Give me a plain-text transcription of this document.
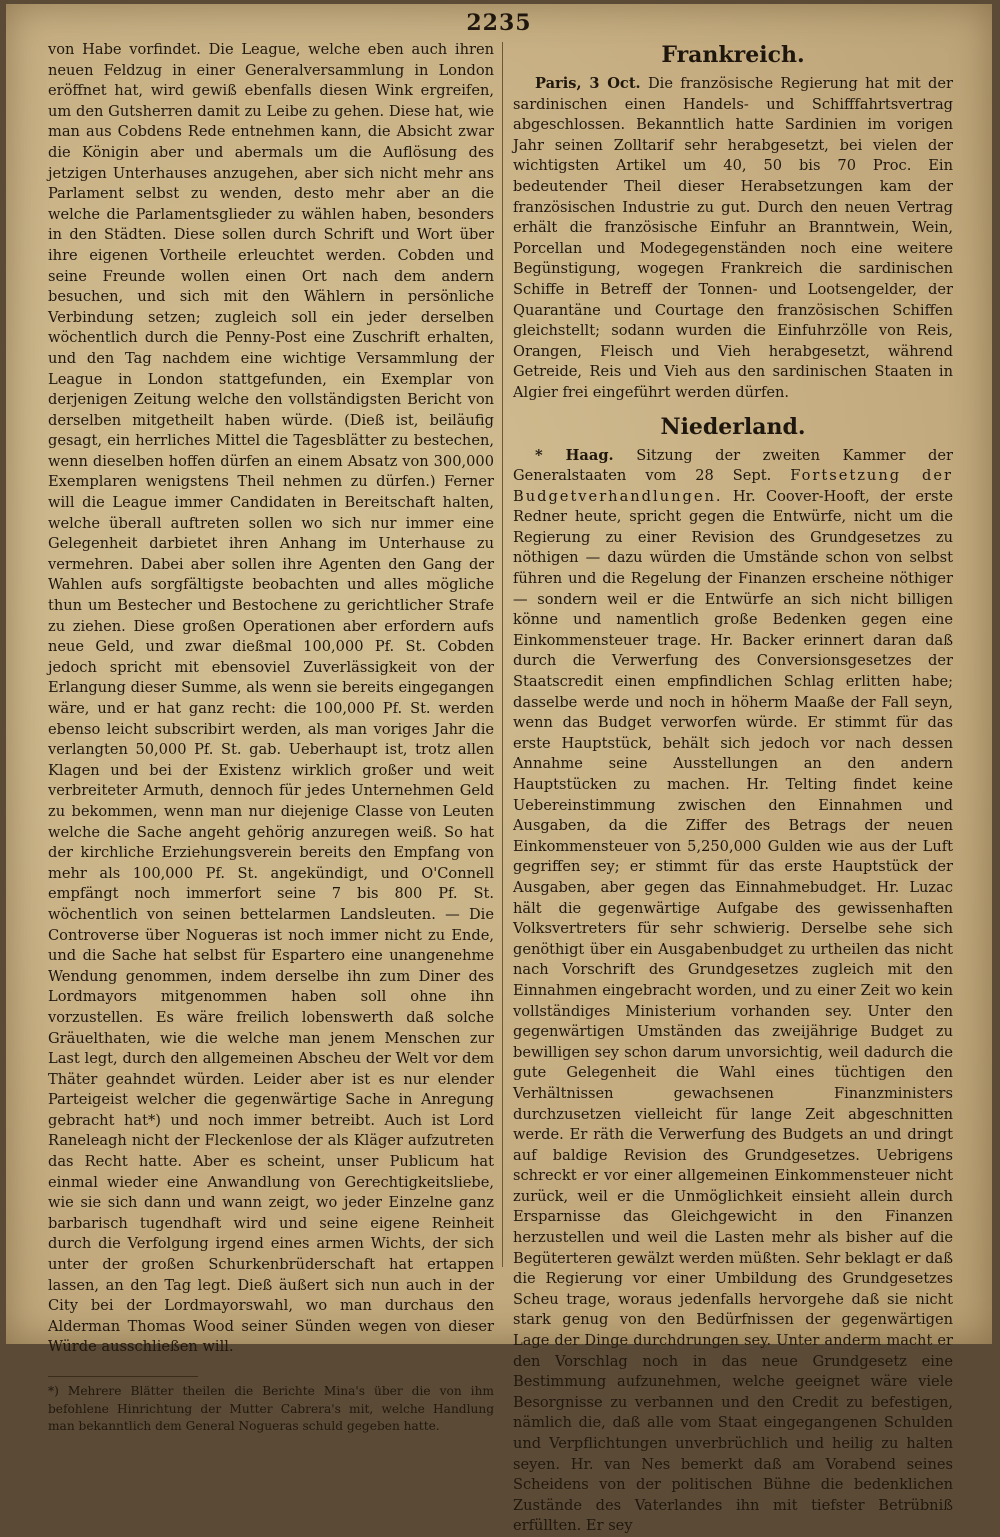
2235

von Habe vorfindet. Die League, welche eben auch ihren neuen Feldzug in einer Generalversammlung in London eröffnet hat, wird gewiß ebenfalls diesen Wink ergreifen, um den Gutsherren damit zu Leibe zu gehen. Diese hat, wie man aus Cobdens Rede entnehmen kann, die Absicht zwar die Königin aber und abermals um die Auflösung des jetzigen Unterhauses anzugehen, aber sich nicht mehr ans Parlament selbst zu wenden, desto mehr aber an die welche die Parlamentsglieder zu wählen haben, besonders in den Städten. Diese sollen durch Schrift und Wort über ihre eigenen Vortheile erleuchtet werden. Cobden und seine Freunde wollen einen Ort nach dem andern besuchen, und sich mit den Wählern in persönliche Verbindung setzen; zugleich soll ein jeder derselben wöchentlich durch die Penny-Post eine Zuschrift erhalten, und den Tag nachdem eine wichtige Versammlung der League in London stattgefunden, ein Exemplar von derjenigen Zeitung welche den vollständigsten Bericht von derselben mitgetheilt haben würde. (Dieß ist, beiläufig gesagt, ein herrliches Mittel die Tagesblätter zu bestechen, wenn dieselben hoffen dürfen an einem Absatz von 300,000 Exemplaren wenigstens Theil nehmen zu dürfen.) Ferner will die League immer Candidaten in Bereitschaft halten, welche überall auftreten sollen wo sich nur immer eine Gelegenheit darbietet ihren Anhang im Unterhause zu vermehren. Dabei aber sollen ihre Agenten den Gang der Wahlen aufs sorgfältigste beobachten und alles mögliche thun um Bestecher und Bestochene zu gerichtlicher Strafe zu ziehen. Diese großen Operationen aber erfordern aufs neue Geld, und zwar dießmal 100,000 Pf. St. Cobden jedoch spricht mit ebensoviel Zuverlässigkeit von der Erlangung dieser Summe, als wenn sie bereits eingegangen wäre, und er hat ganz recht: die 100,000 Pf. St. werden ebenso leicht subscribirt werden, als man voriges Jahr die verlangten 50,000 Pf. St. gab. Ueberhaupt ist, trotz allen Klagen und bei der Existenz wirklich großer und weit verbreiteter Armuth, dennoch für jedes Unternehmen Geld zu bekommen, wenn man nur diejenige Classe von Leuten welche die Sache angeht gehörig anzuregen weiß. So hat der kirchliche Erziehungsverein bereits den Empfang von mehr als 100,000 Pf. St. angekündigt, und O'Connell empfängt noch immerfort seine 7 bis 800 Pf. St. wöchentlich von seinen bettelarmen Landsleuten. — Die Controverse über Nogueras ist noch immer nicht zu Ende, und die Sache hat selbst für Espartero eine unangenehme Wendung genommen, indem derselbe ihn zum Diner des Lordmayors mitgenommen haben soll ohne ihn vorzustellen. Es wäre freilich lobenswerth daß solche Gräuelthaten, wie die welche man jenem Menschen zur Last legt, durch den allgemeinen Abscheu der Welt vor dem Thäter geahndet würden. Leider aber ist es nur elender Parteigeist welcher die gegenwärtige Sache in Anregung gebracht hat*) und noch immer betreibt. Auch ist Lord Raneleagh nicht der Fleckenlose der als Kläger aufzutreten das Recht hatte. Aber es scheint, unser Publicum hat einmal wieder eine Anwandlung von Gerechtigkeitsliebe, wie sie sich dann und wann zeigt, wo jeder Einzelne ganz barbarisch tugendhaft wird und seine eigene Reinheit durch die Verfolgung irgend eines armen Wichts, der sich unter der großen Schurkenbrüderschaft hat ertappen lassen, an den Tag legt. Dieß äußert sich nun auch in der City bei der Lordmayorswahl, wo man durchaus den Alderman Thomas Wood seiner Sünden wegen von dieser Würde ausschließen will.

*) Mehrere Blätter theilen die Berichte Mina's über die von ihm befohlene Hinrichtung der Mutter Cabrera's mit, welche Handlung man bekanntlich dem General Nogueras schuld gegeben hatte.

Frankreich.

Paris, 3 Oct. Die französische Regierung hat mit der sardinischen einen Handels- und Schifffahrtsvertrag abgeschlossen. Bekanntlich hatte Sardinien im vorigen Jahr seinen Zolltarif sehr herabgesetzt, bei vielen der wichtigsten Artikel um 40, 50 bis 70 Proc. Ein bedeutender Theil dieser Herabsetzungen kam der französischen Industrie zu gut. Durch den neuen Vertrag erhält die französische Einfuhr an Branntwein, Wein, Porcellan und Modegegenständen noch eine weitere Begünstigung, wogegen Frankreich die sardinischen Schiffe in Betreff der Tonnen- und Lootsengelder, der Quarantäne und Courtage den französischen Schiffen gleichstellt; sodann wurden die Einfuhrzölle von Reis, Orangen, Fleisch und Vieh herabgesetzt, während Getreide, Reis und Vieh aus den sardinischen Staaten in Algier frei eingeführt werden dürfen.

Niederland.

* Haag. Sitzung der zweiten Kammer der Generalstaaten vom 28 Sept. Fortsetzung der Budgetverhandlungen. Hr. Coover-Hooft, der erste Redner heute, spricht gegen die Entwürfe, nicht um die Regierung zu einer Revision des Grundgesetzes zu nöthigen — dazu würden die Umstände schon von selbst führen und die Regelung der Finanzen erscheine nöthiger — sondern weil er die Entwürfe an sich nicht billigen könne und namentlich große Bedenken gegen eine Einkommensteuer trage. Hr. Backer erinnert daran daß durch die Verwerfung des Conversionsgesetzes der Staatscredit einen empfindlichen Schlag erlitten habe; dasselbe werde und noch in höherm Maaße der Fall seyn, wenn das Budget verworfen würde. Er stimmt für das erste Hauptstück, behält sich jedoch vor nach dessen Annahme seine Ausstellungen an den andern Hauptstücken zu machen. Hr. Telting findet keine Uebereinstimmung zwischen den Einnahmen und Ausgaben, da die Ziffer des Betrags der neuen Einkommensteuer von 5,250,000 Gulden wie aus der Luft gegriffen sey; er stimmt für das erste Hauptstück der Ausgaben, aber gegen das Einnahmebudget. Hr. Luzac hält die gegenwärtige Aufgabe des gewissenhaften Volksvertreters für sehr schwierig. Derselbe sehe sich genöthigt über ein Ausgabenbudget zu urtheilen das nicht nach Vorschrift des Grundgesetzes zugleich mit den Einnahmen eingebracht worden, und zu einer Zeit wo kein vollständiges Ministerium vorhanden sey. Unter den gegenwärtigen Umständen das zweijährige Budget zu bewilligen sey schon darum unvorsichtig, weil dadurch die gute Gelegenheit die Wahl eines tüchtigen den Verhältnissen gewachsenen Finanzministers durchzusetzen vielleicht für lange Zeit abgeschnitten werde. Er räth die Verwerfung des Budgets an und dringt auf baldige Revision des Grundgesetzes. Uebrigens schreckt er vor einer allgemeinen Einkommensteuer nicht zurück, weil er die Unmöglichkeit einsieht allein durch Ersparnisse das Gleichgewicht in den Finanzen herzustellen und weil die Lasten mehr als bisher auf die Begüterteren gewälzt werden müßten. Sehr beklagt er daß die Regierung vor einer Umbildung des Grundgesetzes Scheu trage, woraus jedenfalls hervorgehe daß sie nicht stark genug von den Bedürfnissen der gegenwärtigen Lage der Dinge durchdrungen sey. Unter anderm macht er den Vorschlag noch in das neue Grundgesetz eine Bestimmung aufzunehmen, welche geeignet wäre viele Besorgnisse zu verbannen und den Credit zu befestigen, nämlich die, daß alle vom Staat eingegangenen Schulden und Verpflichtungen unverbrüchlich und heilig zu halten seyen. Hr. van Nes bemerkt daß am Vorabend seines Scheidens von der politischen Bühne die bedenklichen Zustände des Vaterlandes ihn mit tiefster Betrübniß erfüllten. Er sey
